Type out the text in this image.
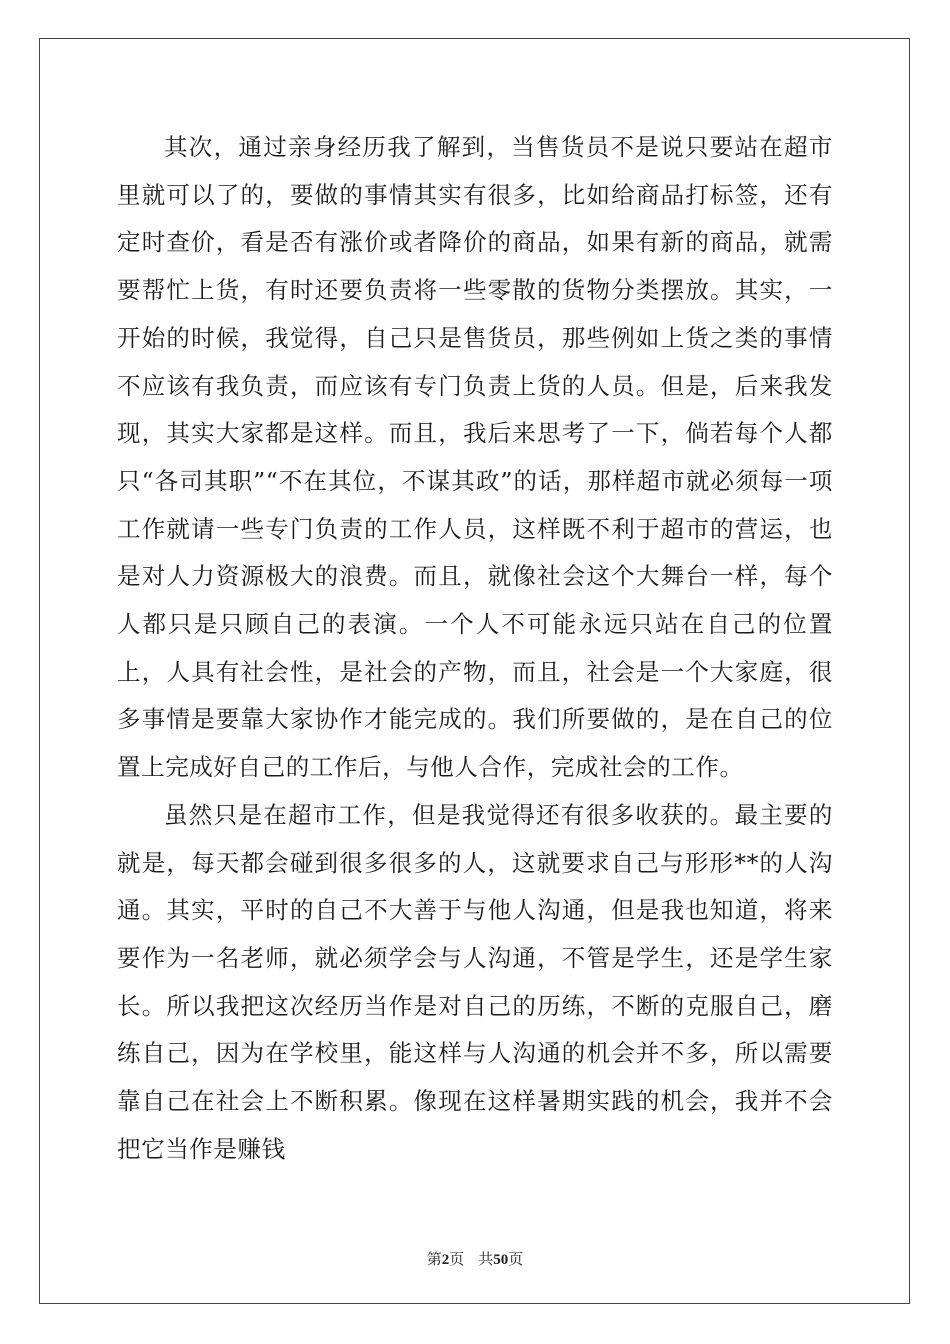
其次，通过亲身经历我了解到，当售货员不是说只要站在超市里就可以了的，要做的事情其实有很多，比如给商品打标签，还有定时查价，看是否有涨价或者降价的商品，如果有新的商品，就需要帮忙上货，有时还要负责将一些零散的货物分类摆放。其实，一开始的时候，我觉得，自己只是售货员，那些例如上货之类的事情不应该有我负责，而应该有专门负责上货的人员。但是，后来我发现，其实大家都是这样。而且，我后来思考了一下，倘若每个人都只“各司其职”“不在其位，不谋其政”的话，那样超市就必须每一项工作就请一些专门负责的工作人员，这样既不利于超市的营运，也是对人力资源极大的浪费。而且，就像社会这个大舞台一样，每个人都只是只顾自己的表演。一个人不可能永远只站在自己的位置上，人具有社会性，是社会的产物，而且，社会是一个大家庭，很多事情是要靠大家协作才能完成的。我们所要做的，是在自己的位置上完成好自己的工作后，与他人合作，完成社会的工作。

虽然只是在超市工作，但是我觉得还有很多收获的。最主要的就是，每天都会碰到很多很多的人，这就要求自己与形形**的人沟通。其实，平时的自己不大善于与他人沟通，但是我也知道，将来要作为一名老师，就必须学会与人沟通，不管是学生，还是学生家长。所以我把这次经历当作是对自己的历练，不断的克服自己，磨练自己，因为在学校里，能这样与人沟通的机会并不多，所以需要靠自己在社会上不断积累。像现在这样暑期实践的机会，我并不会把它当作是赚钱

第2页 共50页
